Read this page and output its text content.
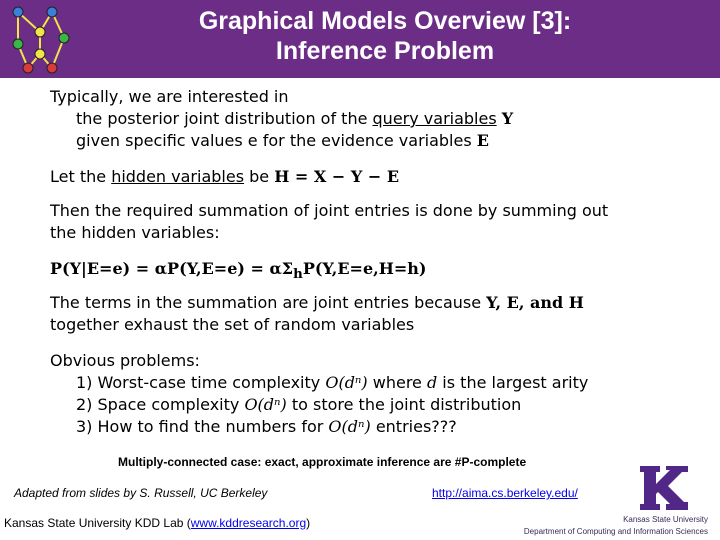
Graphical Models Overview [3]:
Inference Problem
Typically, we are interested in
the posterior joint distribution of the query variables Y
given specific values e for the evidence variables E
Let the hidden variables be H = X − Y − E
Then the required summation of joint entries is done by summing out
the hidden variables:
$P(Y|E=e) = \alpha P(Y,E=e) = \alpha\Sigma_hP(Y,E=e,H=h)$
The terms in the summation are joint entries because Y, E, and H
together exhaust the set of random variables
Obvious problems:
1) Worst-case time complexity O(dⁿ) where d is the largest arity
2) Space complexity O(dⁿ) to store the joint distribution
3) How to find the numbers for O(dⁿ) entries???
Multiply-connected case: exact, approximate inference are #P-complete
Adapted from slides by S. Russell, UC Berkeley	http://aima.cs.berkeley.edu/
Kansas State University KDD Lab (www.kddresearch.org)	Kansas State University
Department of Computing and Information Sciences
